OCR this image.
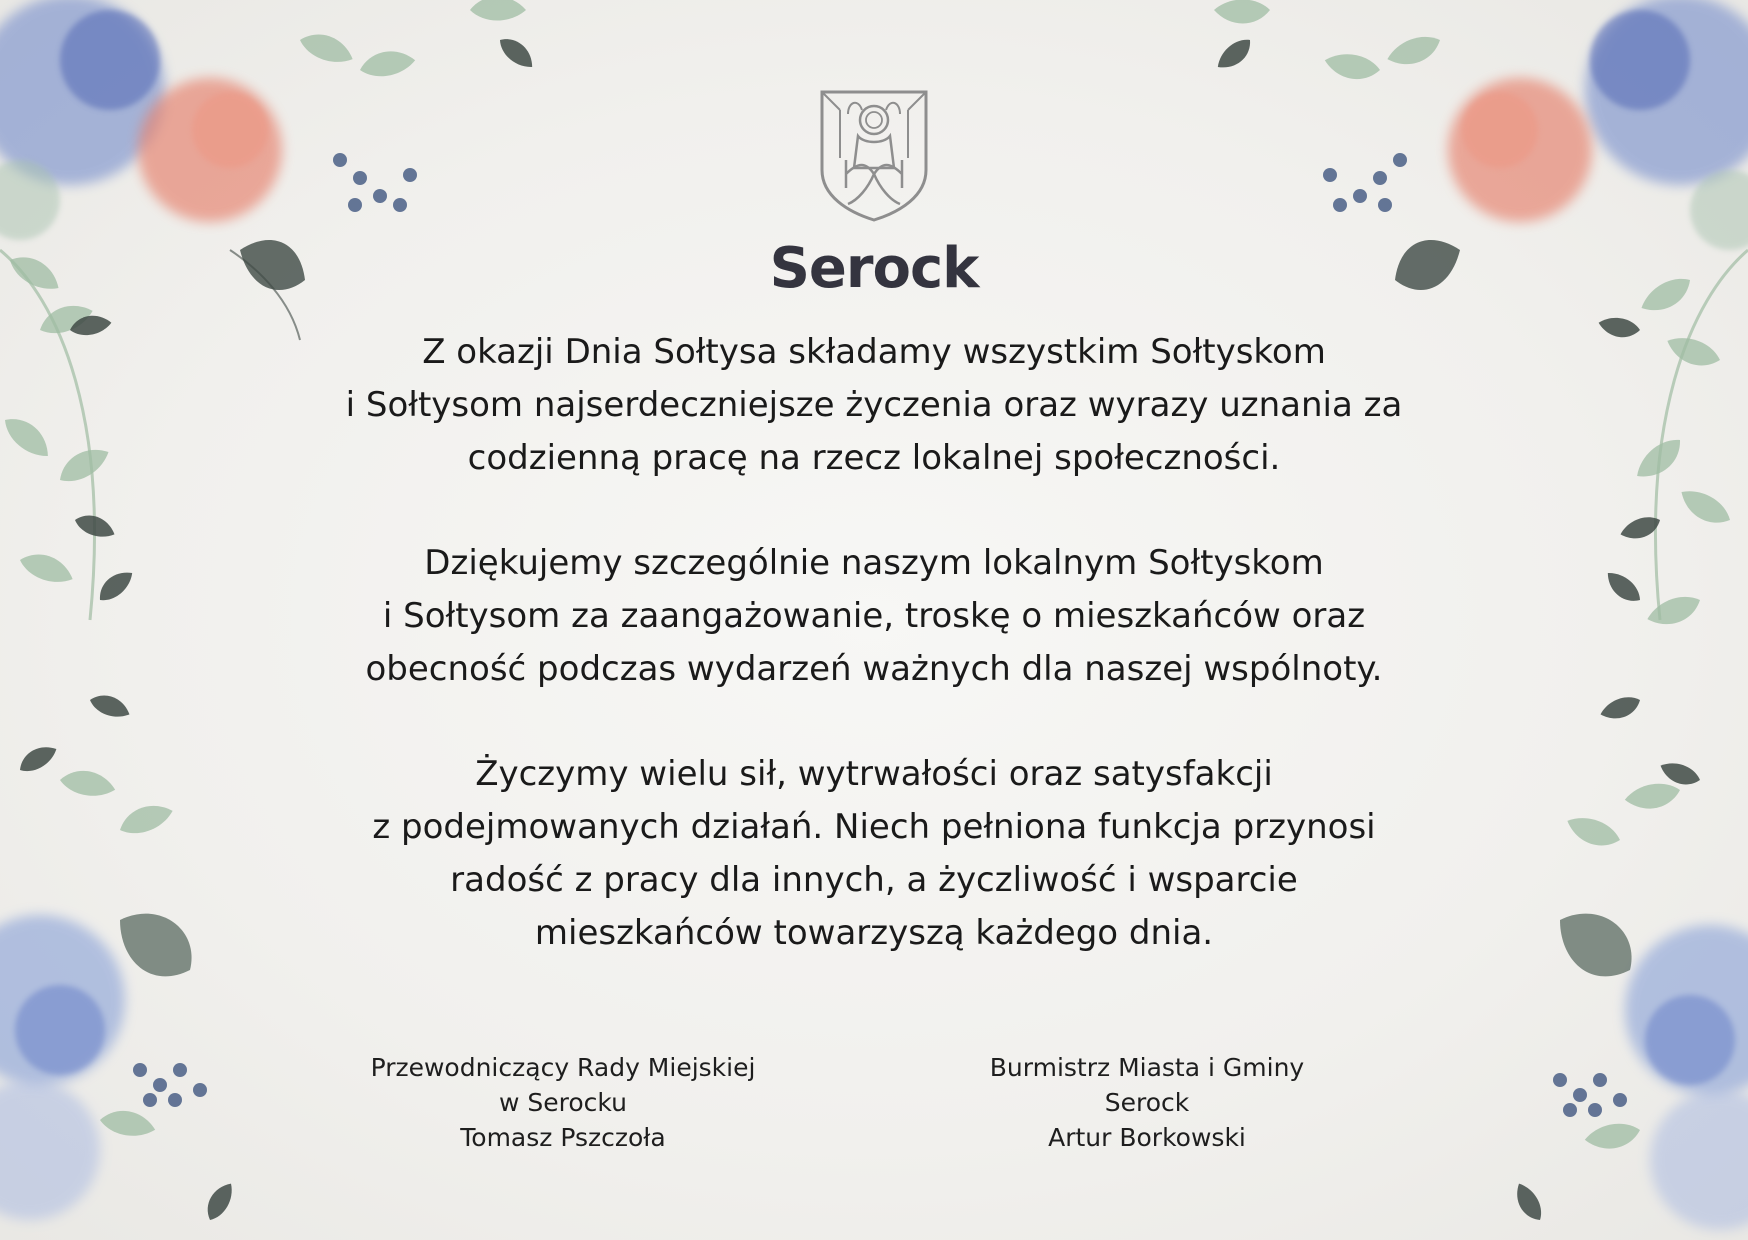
Serock

Z okazji Dnia Sołtysa składamy wszystkim Sołtyskom
i Sołtysom najserdeczniejsze życzenia oraz wyrazy uznania za
codzienną pracę na rzecz lokalnej społeczności.

Dziękujemy szczególnie naszym lokalnym Sołtyskom
i Sołtysom za zaangażowanie, troskę o mieszkańców oraz
obecność podczas wydarzeń ważnych dla naszej wspólnoty.

Życzymy wielu sił, wytrwałości oraz satysfakcji
z podejmowanych działań. Niech pełniona funkcja przynosi
radość z pracy dla innych, a życzliwość i wsparcie
mieszkańców towarzyszą każdego dnia.

Przewodniczący Rady Miejskiej
w Serocku
Tomasz Pszczoła
Burmistrz Miasta i Gminy
Serock
Artur Borkowski
